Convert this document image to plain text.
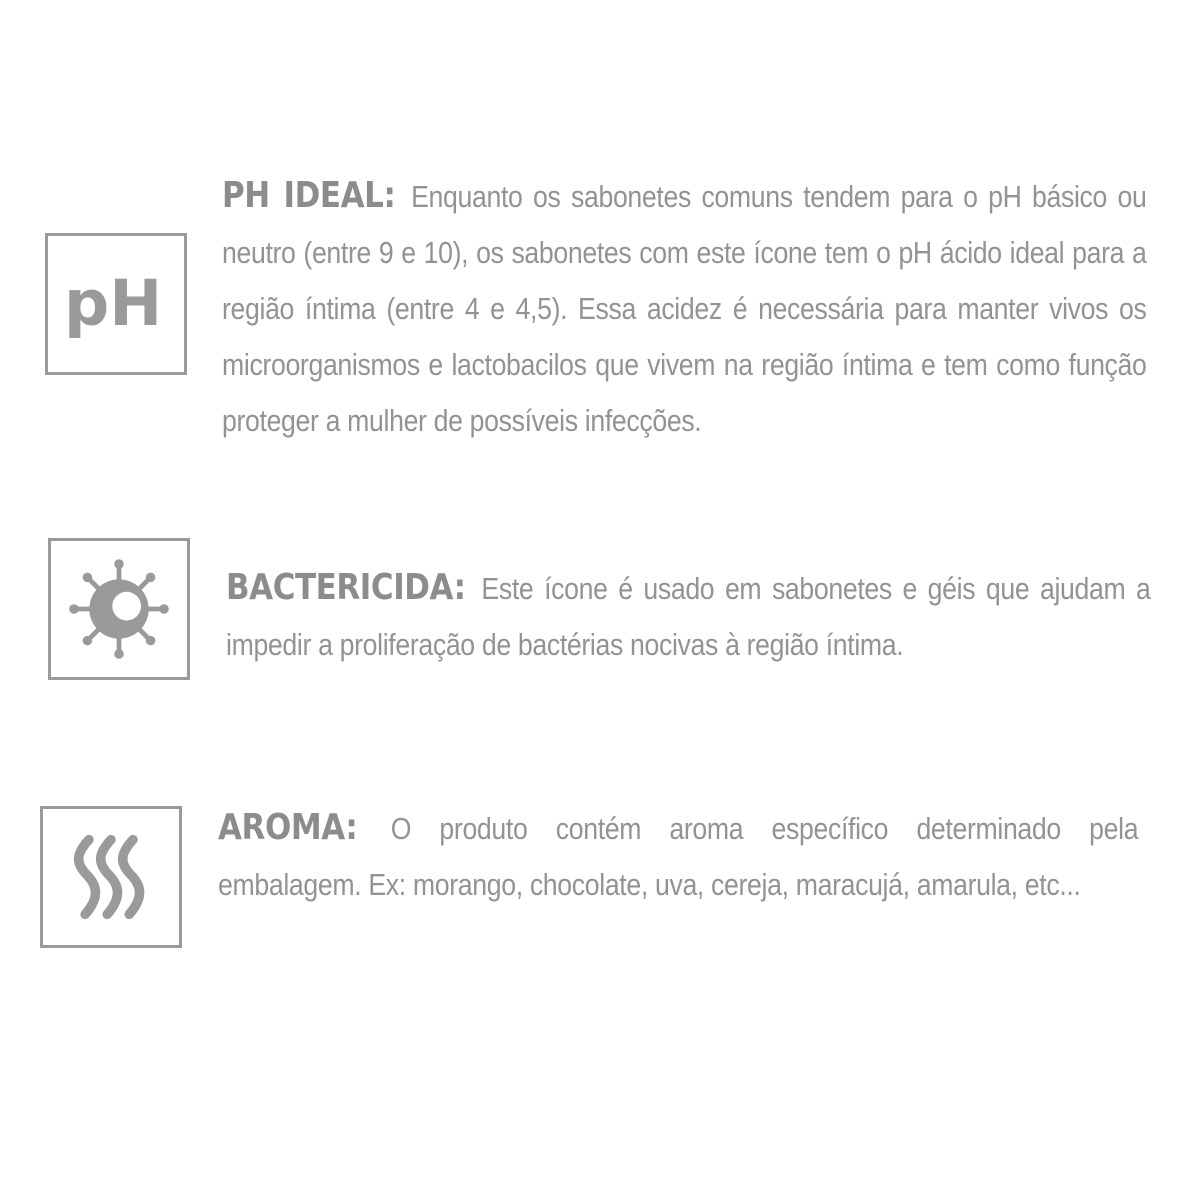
pH

PH IDEAL: Enquanto os sabonetes comuns tendem para o pH básico ou neutro (entre 9 e 10), os sabonetes com este ícone tem o pH ácido ideal para a região íntima (entre 4 e 4,5). Essa acidez é necessária para manter vivos os microorganismos e lactobacilos que vivem na região íntima e tem como função proteger a mulher de possíveis infecções.

BACTERICIDA: Este ícone é usado em sabonetes e géis que ajudam a impedir a proliferação de bactérias nocivas à região íntima.

AROMA: O produto contém aroma específico determinado pela embalagem. Ex: morango, chocolate, uva, cereja, maracujá, amarula, etc...
